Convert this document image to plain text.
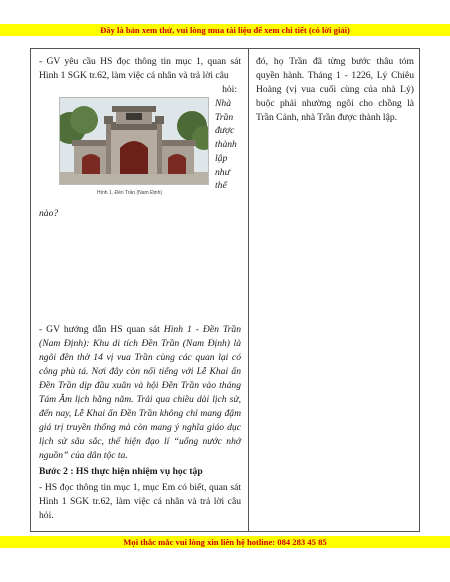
Đây là bản xem thử, vui lòng mua tài liệu để xem chi tiết (có lời giải)

- GV yêu cầu HS đọc thông tin mục 1, quan sát Hình 1 SGK tr.62, làm việc cá nhân và trả lời câu

hỏi:
Hình 1. Đền Trần (Nam Định)
Nhà
Trần
được
thành
lập
như
thế

nào?

- GV hướng dẫn HS quan sát Hình 1 - Đền Trần (Nam Định): Khu di tích Đền Trần (Nam Định) là ngôi đền thờ 14 vị vua Trần cùng các quan lại có công phù tá. Nơi đây còn nổi tiếng với Lễ Khai ấn Đền Trần dịp đầu xuân và hội Đền Trần vào tháng Tám Âm lịch hằng năm. Trải qua chiều dài lịch sử, đến nay, Lễ Khai ấn Đền Trần không chỉ mang đậm giá trị truyền thống mà còn mang ý nghĩa giáo dục lịch sử sâu sắc, thể hiện đạo lí “uống nước nhớ nguồn” của dân tộc ta.

Bước 2 : HS thực hiện nhiệm vụ học tập

- HS đọc thông tin mục 1, mục Em có biết, quan sát Hình 1 SGK tr.62, làm việc cá nhân và trả lời câu hỏi.

đó, họ Trần đã từng bước thâu tóm quyền hành. Tháng 1 - 1226, Lý Chiêu Hoàng (vị vua cuối cùng của nhà Lý) buộc phải nhường ngôi cho chồng là Trần Cảnh, nhà Trần được thành lập.

Mọi thắc mắc vui lòng xin liên hệ hotline: 084 283 45 85
